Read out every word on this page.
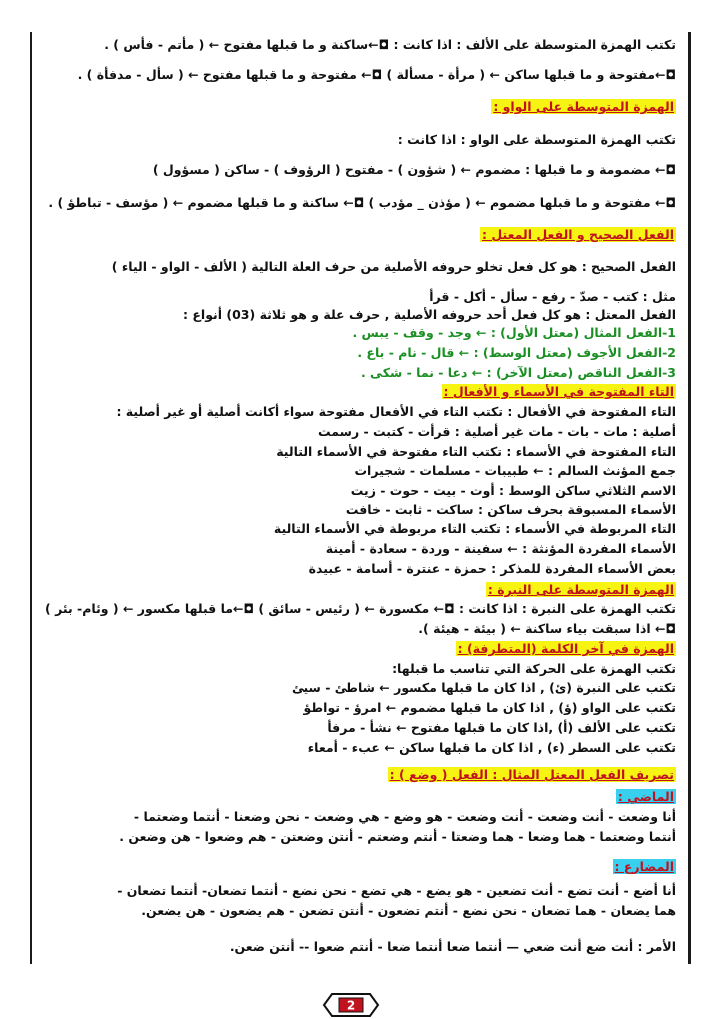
تكتب الهمزة المتوسطة على الألف : اذا كانت : ◘←ساكنة و ما قبلها مفتوح ← ( مأتم - فأس ) .
◘←مفتوحة و ما قبلها ساكن ← ( مرأة - مسألة ) ◘← مفتوحة و ما قبلها مفتوح ← ( سأل - مدفأة ) .
الهمزة المتوسطة على الواو :
تكتب الهمزة المتوسطة على الواو : اذا كانت :
◘← مضمومة و ما قبلها : مضموم ← ( شؤون ) - مفتوح ( الرؤوف ) - ساكن ( مسؤول )
◘← مفتوحة و ما قبلها مضموم ← ( مؤذن _ مؤدب ) ◘← ساكنة و ما قبلها مضموم ← ( مؤسف - تباطؤ ) .
الفعل الصحيح و الفعل المعتل :
الفعل الصحيح : هو كل فعل تخلو حروفه الأصلية من حرف العلة التالية ( الألف - الواو - الياء )
مثل : كتب - صدّ - رفع - سأل - أكل - قرأ
الفعل المعتل : هو كل فعل أحد حروفه الأصلية , حرف علة و هو ثلاثة (03) أنواع :
1-الفعل المثال (معتل الأول) : ← وجد - وقف - يبس .
2-الفعل الأجوف (معتل الوسط) : ← قال - نام - باع .
3-الفعل الناقص (معتل الآخر) : ← دعا - نما - شكى .
التاء المفتوحة في الأسماء و الأفعال :
التاء المفتوحة في الأفعال : تكتب التاء في الأفعال مفتوحة سواء أكانت أصلية أو غير أصلية :
أصلية : مات - بات - مات غير أصلية : قرأت - كتبت - رسمت
التاء المفتوحة في الأسماء : تكتب التاء مفتوحة في الأسماء التالية
جمع المؤنث السالم : ← طبيبات - مسلمات - شجيرات
الاسم الثلاثي ساكن الوسط : أوت - بيت - حوت - زيت
الأسماء المسبوقة بحرف ساكن : ساكت - ثابت - خافت
التاء المربوطة في الأسماء : تكتب التاء مربوطة في الأسماء التالية
الأسماء المفردة المؤنثة : ← سفينة - وردة - سعادة - أمينة
بعض الأسماء المفردة للمذكر : حمزة - عنترة - أسامة - عبيدة
الهمزة المتوسطة على النبرة :
تكتب الهمزة على النبرة : اذا كانت : ◘← مكسورة ← ( رئيس - سائق ) ◘←ما قبلها مكسور ← ( وئام- بئر )
◘← اذا سبقت بياء ساكنة ← ( بيئة - هيئة ).
الهمزة في آخر الكلمة (المتطرفة) :
تكتب الهمزة على الحركة التي تناسب ما قبلها:
تكتب على النبرة (ئ) , اذا كان ما قبلها مكسور ← شاطئ - سيئ
تكتب على الواو (ؤ) , اذا كان ما قبلها مضموم ← امرؤ - تواطؤ
تكتب على الألف (أ) ,اذا كان ما قبلها مفتوح ← نشأ - مرفأ
تكتب على السطر (ء) , اذا كان ما قبلها ساكن ← عبء - أمعاء
تصريف الفعل المعتل المثال : الفعل ( وضع ) :
الماضي :
أنا وضعت - أنت وضعت - أنت وضعت - هو وضع - هي وضعت - نحن وضعنا - أنتما وضعتما -
أنتما وضعتما - هما وضعا - هما وضعتا - أنتم وضعتم - أنتن وضعتن - هم وضعوا - هن وضعن .
المضارع :
أنا أضع - أنت تضع - أنت تضعين - هو يضع - هي تضع - نحن نضع - أنتما تضعان- أنتما تضعان -
هما يضعان - هما تضعان - نحن نضع - أنتم تضعون - أنتن تضعن - هم يضعون - هن يضعن.
الأمر : أنت ضع أنت ضعي — أنتما ضعا أنتما ضعا - أنتم ضعوا -- أنتن ضعن.
2
